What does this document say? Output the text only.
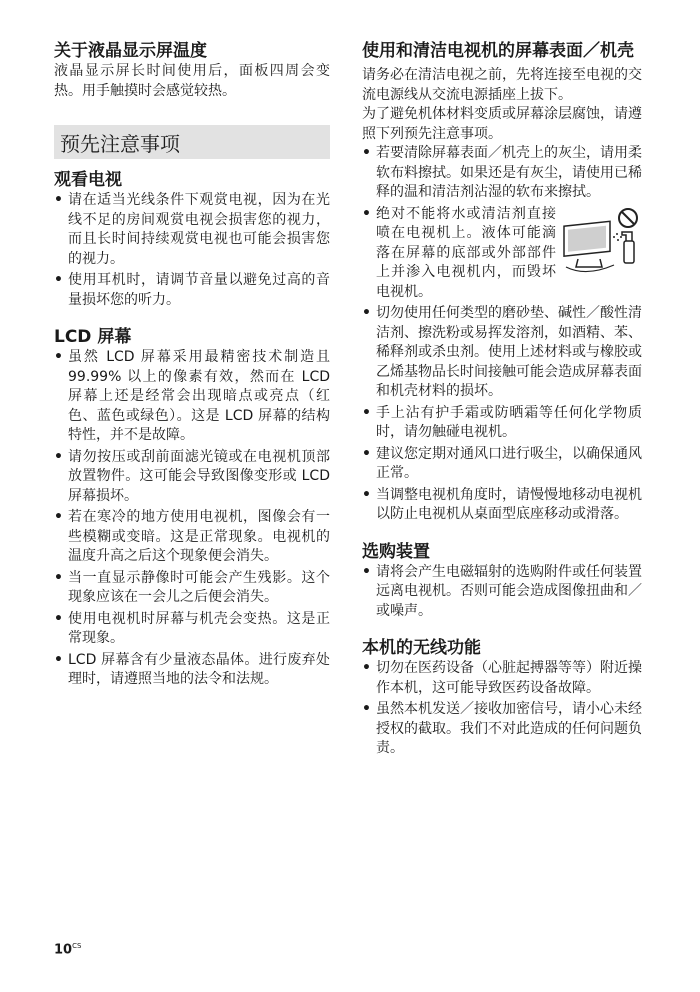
关于液晶显示屏温度

液晶显示屏长时间使用后，面板四周会变热。用手触摸时会感觉较热。

预先注意事项
观看电视
• 请在适当光线条件下观赏电视，因为在光线不足的房间观赏电视会损害您的视力，而且长时间持续观赏电视也可能会损害您的视力。
• 使用耳机时，请调节音量以避免过高的音量损坏您的听力。
LCD 屏幕
• 虽然 LCD 屏幕采用最精密技术制造且 99.99% 以上的像素有效，然而在 LCD 屏幕上还是经常会出现暗点或亮点（红色、蓝色或绿色）。这是 LCD 屏幕的结构特性，并不是故障。
• 请勿按压或刮前面滤光镜或在电视机顶部放置物件。这可能会导致图像变形或 LCD 屏幕损坏。
• 若在寒冷的地方使用电视机，图像会有一些模糊或变暗。这是正常现象。电视机的温度升高之后这个现象便会消失。
• 当一直显示静像时可能会产生残影。这个现象应该在一会儿之后便会消失。
• 使用电视机时屏幕与机壳会变热。这是正常现象。
• LCD 屏幕含有少量液态晶体。进行废弃处理时，请遵照当地的法令和法规。
使用和清洁电视机的屏幕表面／机壳

请务必在清洁电视之前，先将连接至电视的交流电源线从交流电源插座上拔下。

为了避免机体材料变质或屏幕涂层腐蚀，请遵照下列预先注意事项。

• 若要清除屏幕表面／机壳上的灰尘，请用柔软布料擦拭。如果还是有灰尘，请使用已稀释的温和清洁剂沾湿的软布来擦拭。
• 绝对不能将水或清洁剂直接喷在电视机上。液体可能滴落在屏幕的底部或外部部件上并渗入电视机内，而毁坏电视机。
• 切勿使用任何类型的磨砂垫、碱性／酸性清洁剂、擦洗粉或易挥发溶剂，如酒精、苯、稀释剂或杀虫剂。使用上述材料或与橡胶或乙烯基物品长时间接触可能会造成屏幕表面和机壳材料的损坏。
• 手上沾有护手霜或防晒霜等任何化学物质时，请勿触碰电视机。
• 建议您定期对通风口进行吸尘，以确保通风正常。
• 当调整电视机角度时，请慢慢地移动电视机以防止电视机从桌面型底座移动或滑落。
选购装置
• 请将会产生电磁辐射的选购附件或任何装置远离电视机。否则可能会造成图像扭曲和／或噪声。
本机的无线功能
• 切勿在医药设备（心脏起搏器等等）附近操作本机，这可能导致医药设备故障。
• 虽然本机发送／接收加密信号，请小心未经授权的截取。我们不对此造成的任何问题负责。
$10^{CS}$
